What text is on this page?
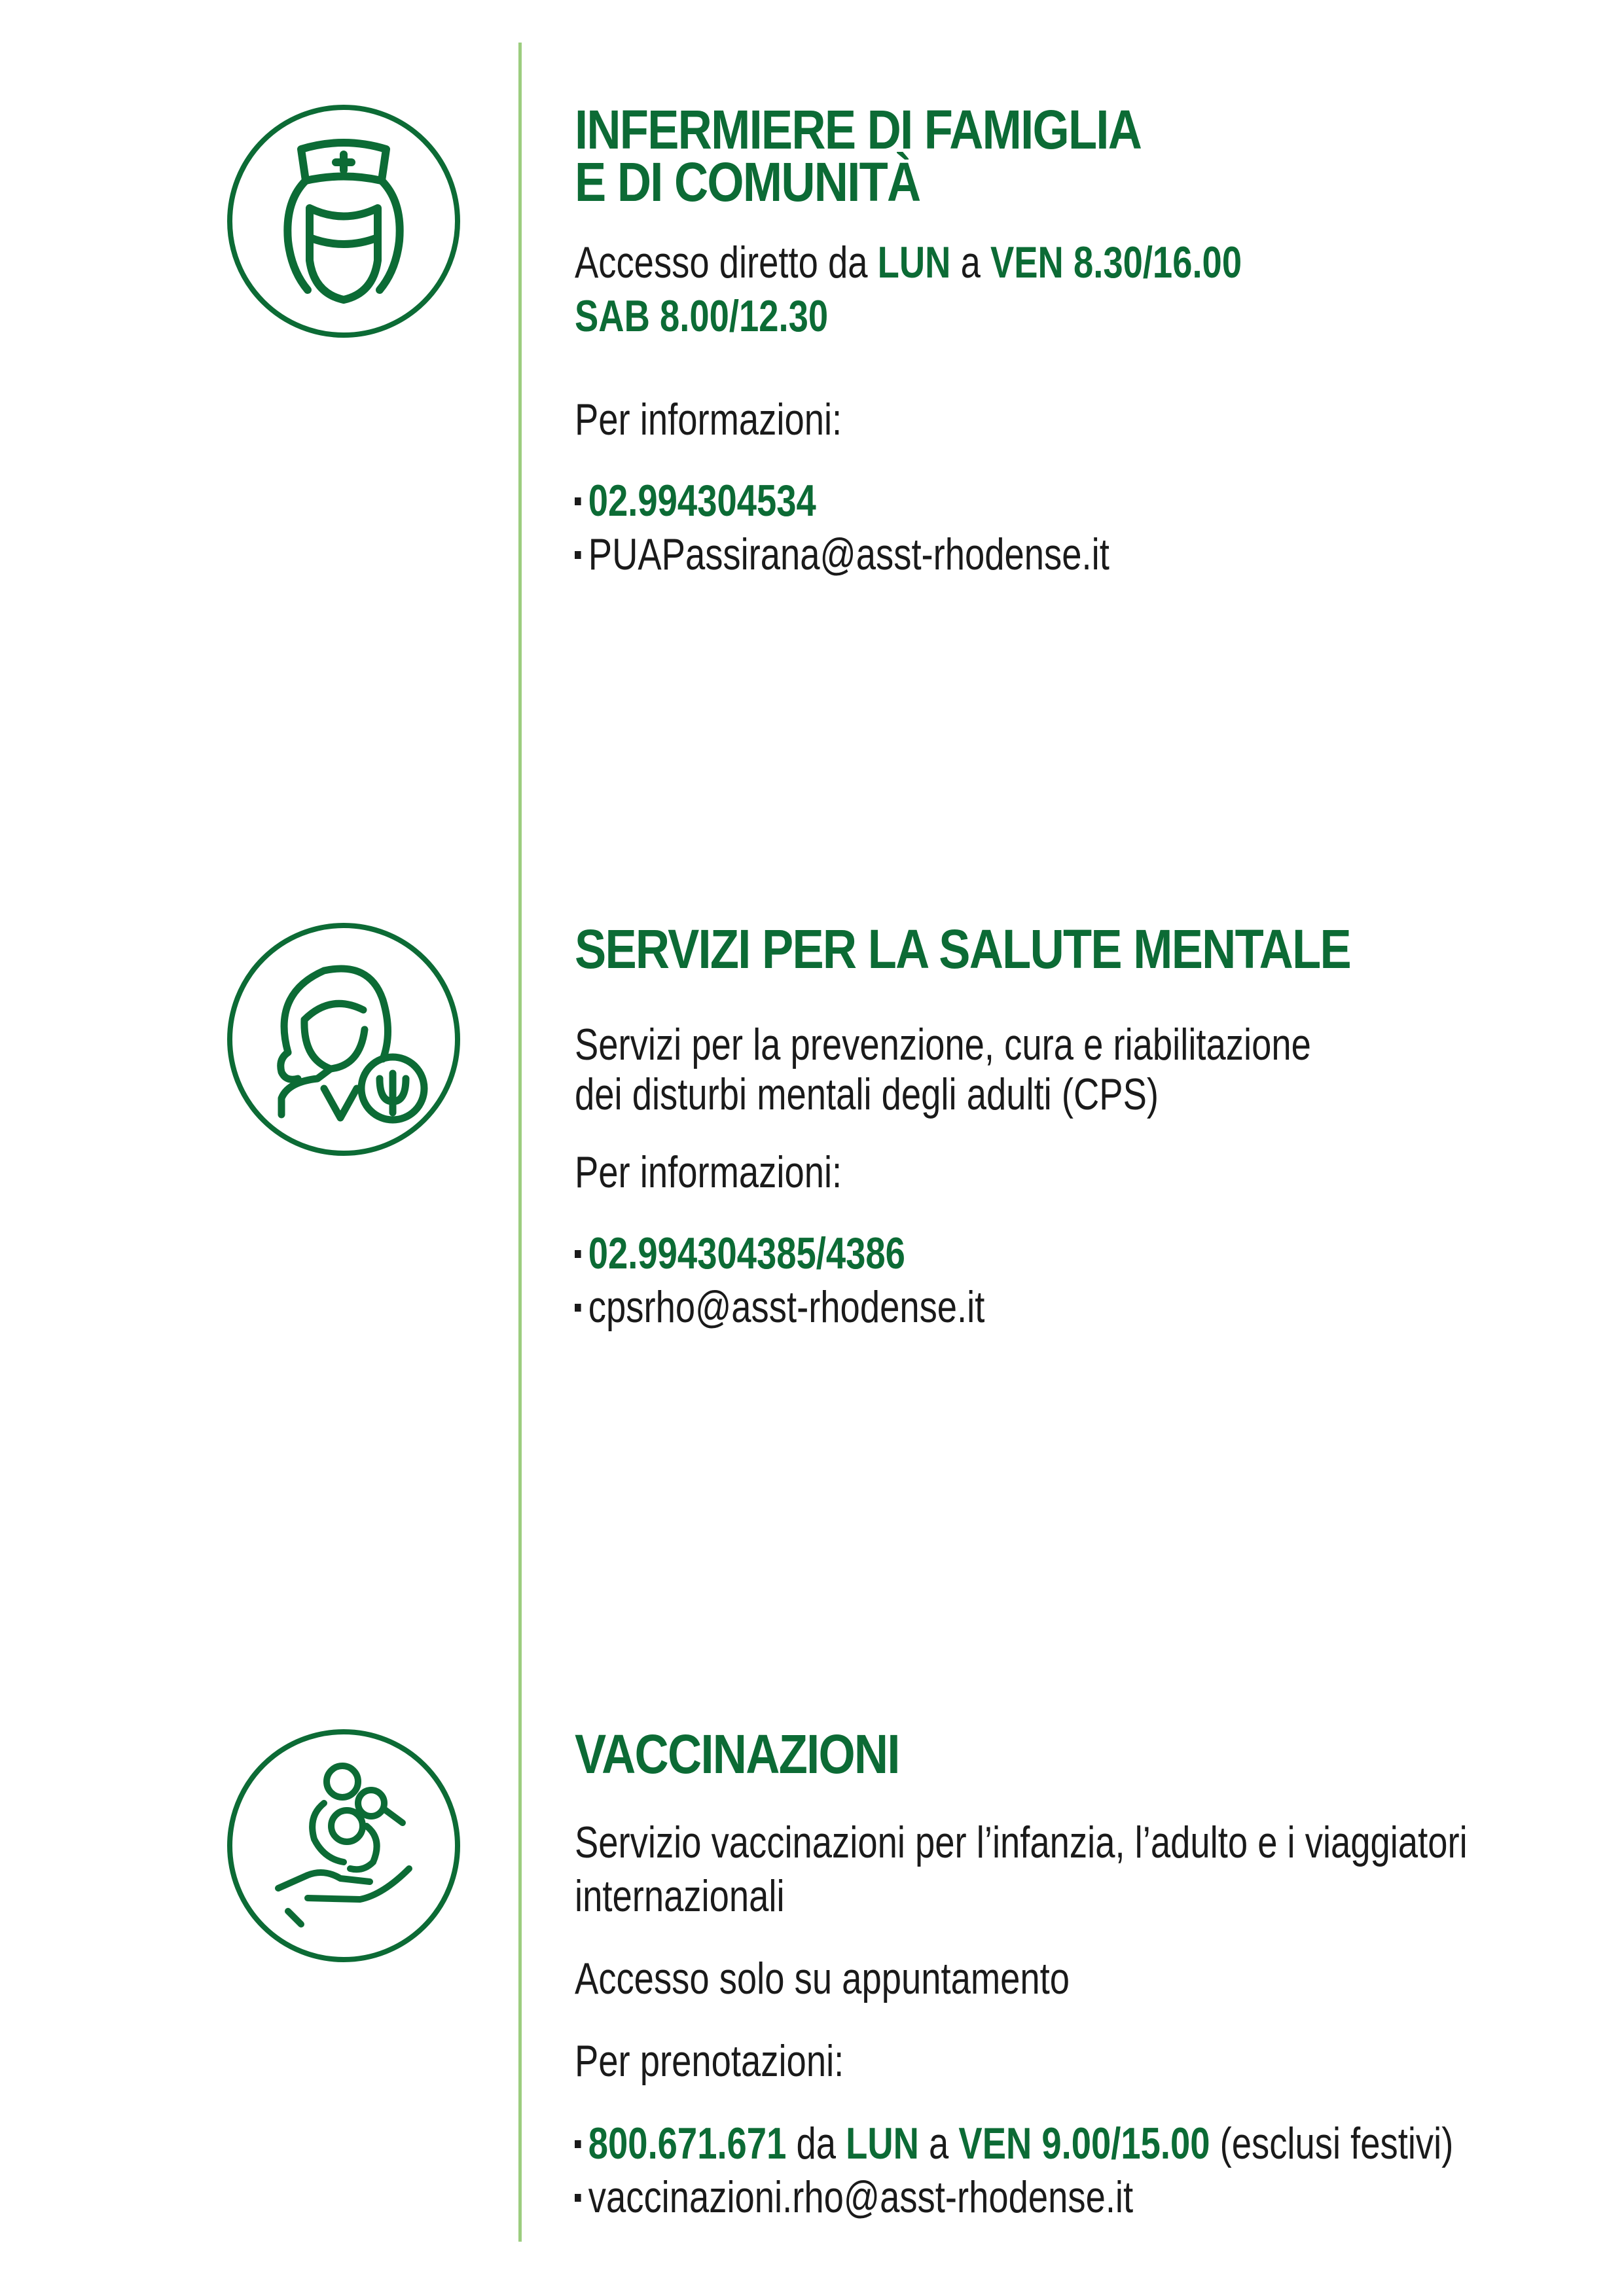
INFERMIERE DI FAMIGLIA
E DI COMUNITÀ
Accesso diretto da LUN a VEN 8.30/16.00
SAB 8.00/12.30
Per informazioni:
02.994304534
PUAPassirana@asst-rhodense.it
SERVIZI PER LA SALUTE MENTALE
Servizi per la prevenzione, cura e riabilitazione
dei disturbi mentali degli adulti (CPS)
Per informazioni:
02.994304385/4386
cpsrho@asst-rhodense.it
VACCINAZIONI
Servizio vaccinazioni per l’infanzia, l’adulto e i viaggiatori
internazionali
Accesso solo su appuntamento
Per prenotazioni:
800.671.671 da LUN a VEN 9.00/15.00 (esclusi festivi)
vaccinazioni.rho@asst-rhodense.it
